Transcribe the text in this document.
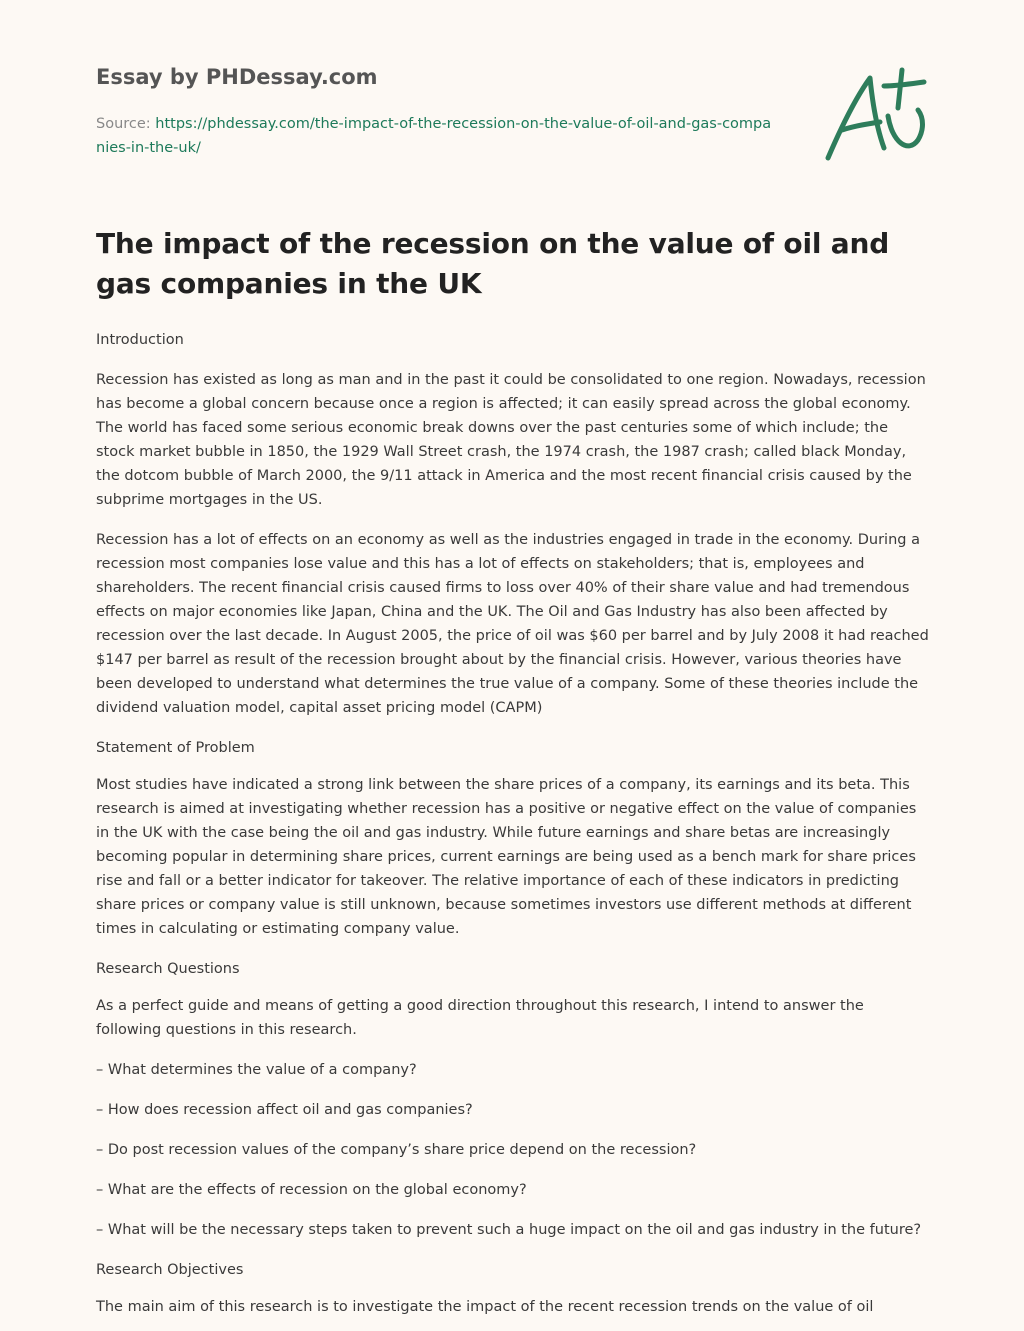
Essay by PHDessay.com

Source: https://phdessay.com/the-impact-of-the-recession-on-the-value-of-oil-and-gas-companies-in-the-uk/
The impact of the recession on the value of oil and gas companies in the UK

Introduction

Recession has existed as long as man and in the past it could be consolidated to one region. Nowadays, recession has become a global concern because once a region is affected; it can easily spread across the global economy. The world has faced some serious economic break downs over the past centuries some of which include; the stock market bubble in 1850, the 1929 Wall Street crash, the 1974 crash, the 1987 crash; called black Monday, the dotcom bubble of March 2000, the 9/11 attack in America and the most recent financial crisis caused by the subprime mortgages in the US.

Recession has a lot of effects on an economy as well as the industries engaged in trade in the economy. During a recession most companies lose value and this has a lot of effects on stakeholders; that is, employees and shareholders. The recent financial crisis caused firms to loss over 40% of their share value and had tremendous effects on major economies like Japan, China and the UK. The Oil and Gas Industry has also been affected by recession over the last decade. In August 2005, the price of oil was $60 per barrel and by July 2008 it had reached $147 per barrel as result of the recession brought about by the financial crisis. However, various theories have been developed to understand what determines the true value of a company. Some of these theories include the dividend valuation model, capital asset pricing model (CAPM)

Statement of Problem

Most studies have indicated a strong link between the share prices of a company, its earnings and its beta. This research is aimed at investigating whether recession has a positive or negative effect on the value of companies in the UK with the case being the oil and gas industry. While future earnings and share betas are increasingly becoming popular in determining share prices, current earnings are being used as a bench mark for share prices rise and fall or a better indicator for takeover. The relative importance of each of these indicators in predicting share prices or company value is still unknown, because sometimes investors use different methods at different times in calculating or estimating company value.

Research Questions

As a perfect guide and means of getting a good direction throughout this research, I intend to answer the following questions in this research.

– What determines the value of a company?

– How does recession affect oil and gas companies?

– Do post recession values of the company’s share price depend on the recession?

– What are the effects of recession on the global economy?

– What will be the necessary steps taken to prevent such a huge impact on the oil and gas industry in the future?

Research Objectives

The main aim of this research is to investigate the impact of the recent recession trends on the value of oil
